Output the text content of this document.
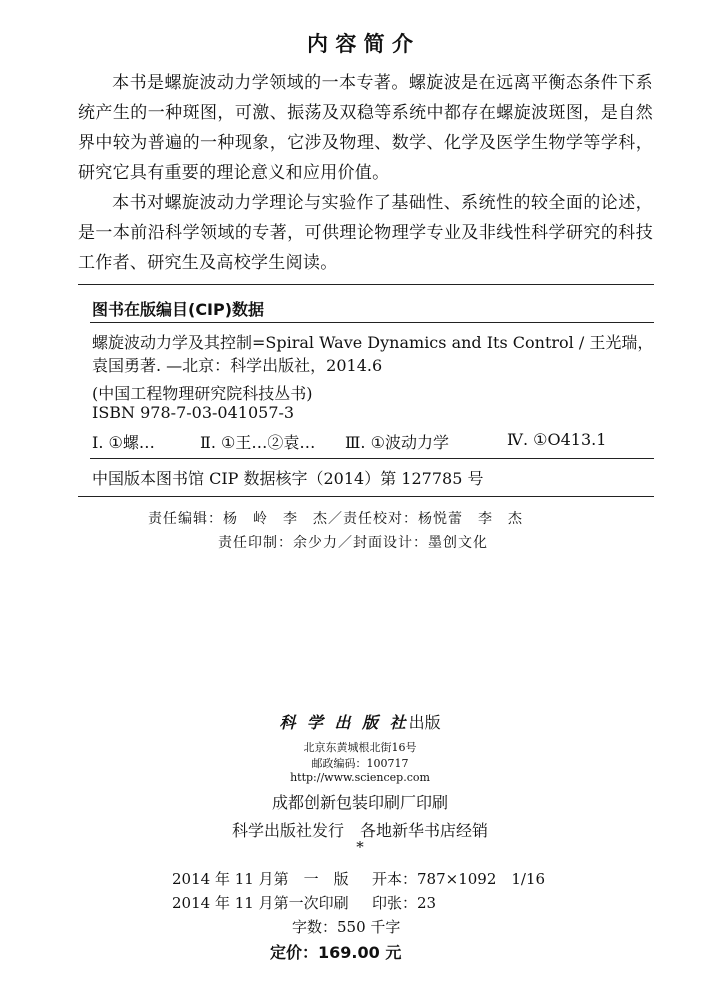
内 容 简 介
本书是螺旋波动力学领域的一本专著。螺旋波是在远离平衡态条件下系统产生的一种斑图，可激、振荡及双稳等系统中都存在螺旋波斑图，是自然界中较为普遍的一种现象，它涉及物理、数学、化学及医学生物学等学科，研究它具有重要的理论意义和应用价值。
本书对螺旋波动力学理论与实验作了基础性、系统性的较全面的论述，是一本前沿科学领域的专著，可供理论物理学专业及非线性科学研究的科技工作者、研究生及高校学生阅读。
图书在版编目(CIP)数据
螺旋波动力学及其控制=Spiral Wave Dynamics and Its Control / 王光瑞，
袁国勇著. —北京：科学出版社，2014.6
(中国工程物理研究院科技丛书)
ISBN 978-7-03-041057-3
Ⅰ. ①螺…	Ⅱ. ①王…②袁… Ⅲ. ①波动力学	Ⅳ. ①O413.1
中国版本图书馆 CIP 数据核字（2014）第 127785 号
责任编辑：杨　岭　李　杰／责任校对：杨悦蕾　李　杰
责任印制：余少力／封面设计：墨创文化
科 学 出 版 社出版
北京东黄城根北街16号
邮政编码：100717
http://www.sciencep.com
成都创新包装印刷厂印刷
科学出版社发行　各地新华书店经销
*
2014 年 11 月第　一　版 开本：787×1092　1/16
2014 年 11 月第一次印刷 印张：23
字数：550 千字
定价：169.00 元
